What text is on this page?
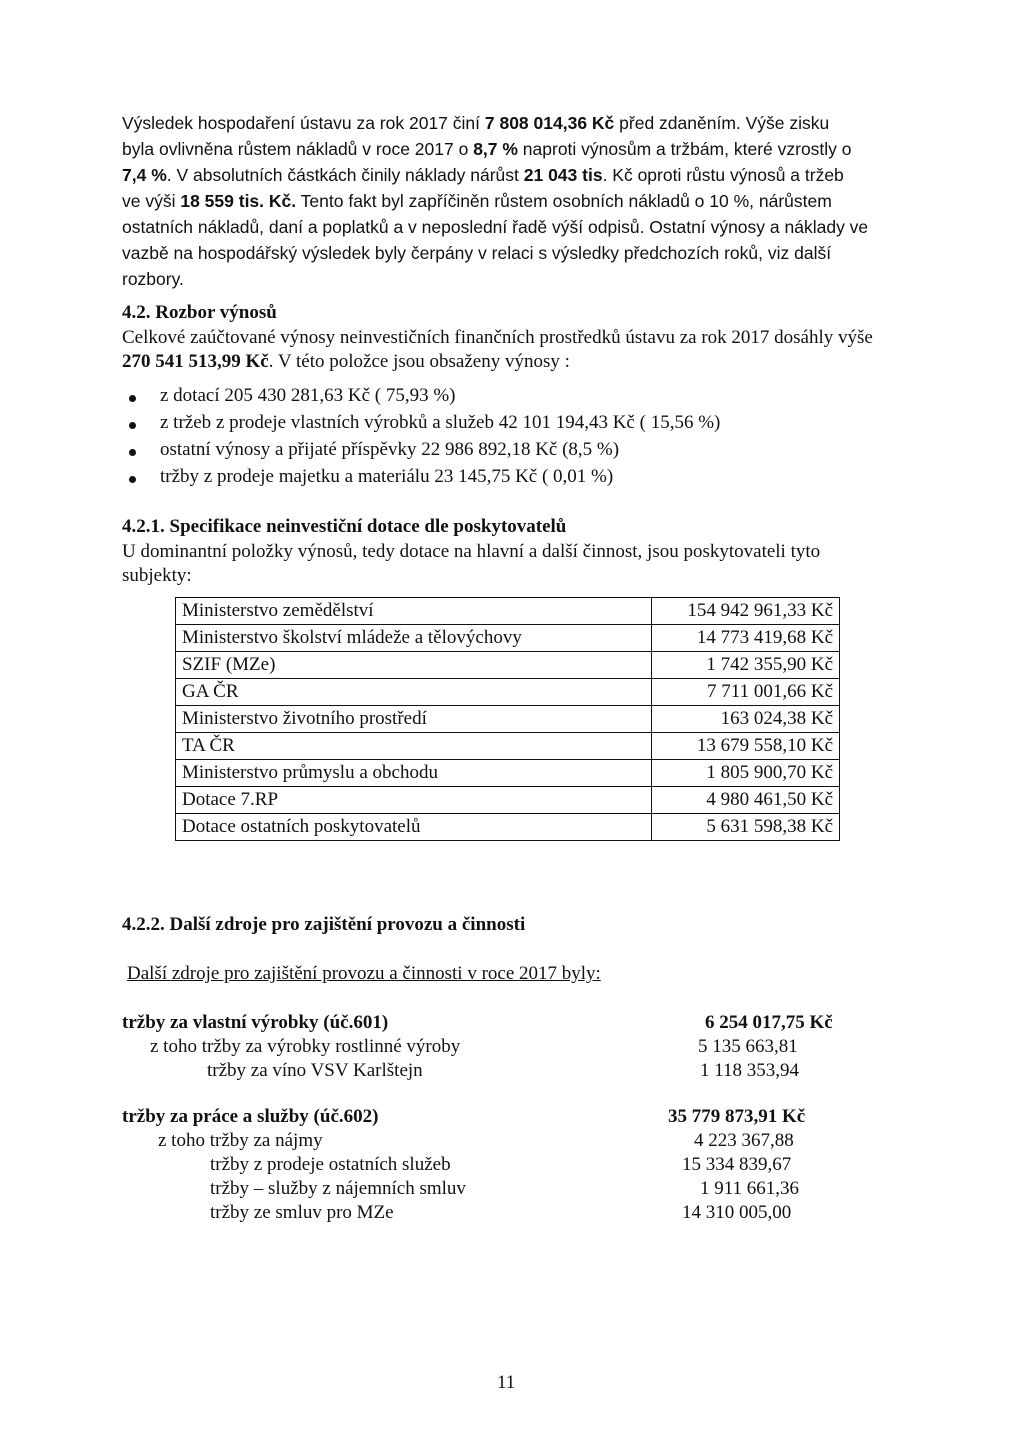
Výsledek hospodaření ústavu za rok 2017 činí 7 808 014,36 Kč před zdaněním. Výše zisku
byla ovlivněna růstem nákladů v roce 2017 o 8,7 % naproti výnosům a tržbám, které vzrostly o
7,4 %. V absolutních částkách činily náklady nárůst 21 043 tis. Kč oproti růstu výnosů a tržeb
ve výši 18 559 tis. Kč. Tento fakt byl zapříčiněn růstem osobních nákladů o 10 %, nárůstem
ostatních nákladů, daní a poplatků a v neposlední řadě výší odpisů. Ostatní výnosy a náklady ve
vazbě na hospodářský výsledek byly čerpány v relaci s výsledky předchozích roků, viz další
rozbory.
4.2. Rozbor výnosů
Celkové zaúčtované výnosy neinvestičních finančních prostředků ústavu za rok 2017 dosáhly výše
270 541 513,99 Kč. V této položce jsou obsaženy výnosy :
z dotací 205 430 281,63 Kč ( 75,93 %)
z tržeb z prodeje vlastních výrobků a služeb 42 101 194,43 Kč ( 15,56 %)
ostatní výnosy a přijaté příspěvky 22 986 892,18 Kč (8,5 %)
tržby z prodeje majetku a materiálu 23 145,75 Kč ( 0,01 %)
4.2.1. Specifikace neinvestiční dotace dle poskytovatelů
U dominantní položky výnosů, tedy dotace na hlavní a další činnost, jsou poskytovateli tyto
subjekty:
Ministerstvo zemědělství	154 942 961,33 Kč
Ministerstvo školství mládeže a tělovýchovy	14 773 419,68 Kč
SZIF (MZe)	1 742 355,90 Kč
GA ČR	7 711 001,66 Kč
Ministerstvo životního prostředí	163 024,38 Kč
TA ČR	13 679 558,10 Kč
Ministerstvo průmyslu a obchodu	1 805 900,70 Kč
Dotace 7.RP	4 980 461,50 Kč
Dotace ostatních poskytovatelů	5 631 598,38 Kč
4.2.2. Další zdroje pro zajištění provozu a činnosti
Další zdroje pro zajištění provozu a činnosti v roce 2017 byly:
tržby za vlastní výrobky (úč.601)	6 254 017,75 Kč
z toho tržby za výrobky rostlinné výroby	5 135 663,81
tržby za víno VSV Karlštejn	1 118 353,94
tržby za práce a služby (úč.602)	35 779 873,91 Kč
z toho tržby za nájmy	4 223 367,88
tržby z prodeje ostatních služeb	15 334 839,67
tržby – služby z nájemních smluv	1 911 661,36
tržby ze smluv pro MZe	14 310 005,00
11
